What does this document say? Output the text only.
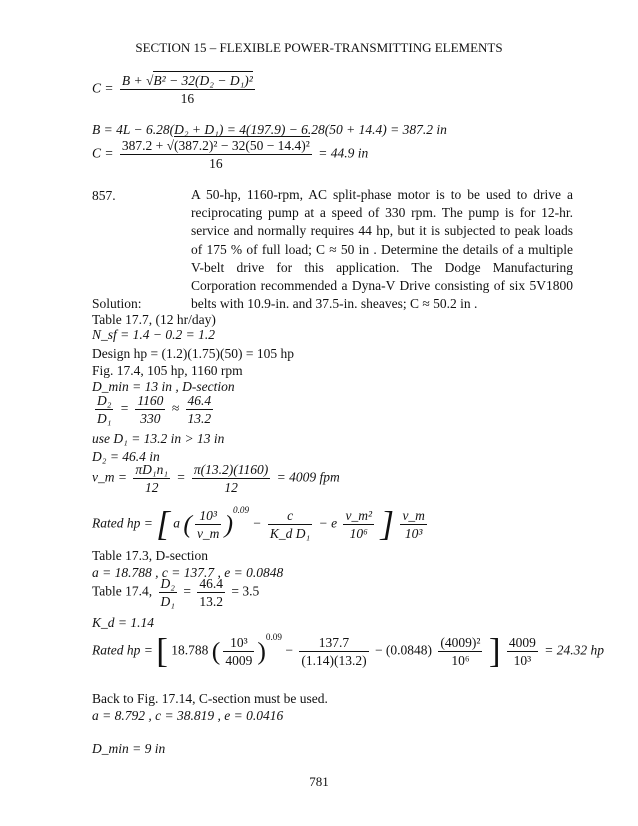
SECTION 15 – FLEXIBLE POWER-TRANSMITTING ELEMENTS
$C = \frac{\text{B + √B² − 32(D₂ − D₁)²}}{16}$
B = 4L − 6.28(D₂ + D₁) = 4(197.9) − 6.28(50 + 14.4) = 387.2 in
$C = \frac{\text{387.2 + √(387.2)² − 32(50 − 14.4)²}}{16} = 44.9$ in
857.	A 50-hp, 1160-rpm, AC split-phase motor is to be used to drive a reciprocating pump at a speed of 330 rpm. The pump is for 12-hr. service and normally requires 44 hp, but it is subjected to peak loads of 175 % of full load; C ≈ 50 in . Determine the details of a multiple V-belt drive for this application. The Dodge Manufacturing Corporation recommended a Dyna-V Drive consisting of six 5V1800 belts with 10.9-in. and 37.5-in. sheaves; C ≈ 50.2 in .
Solution:
Table 17.7, (12 hr/day)
N_sf = 1.4 − 0.2 = 1.2
Design hp = (1.2)(1.75)(50) = 105 hp
Fig. 17.4, 105 hp, 1160 rpm
D_min = 13 in , D-section
$\frac{\text{D₂}}{\text{D₁}} = \frac{1160}{330} \approx \frac{46.4}{13.2}$
use D₁ = 13.2 in > 13 in
D₂ = 46.4 in
v_m = $\frac{\text{πD₁n₁}}{12} = \frac{\pi(13.2)(1160)}{12} = 4009$ fpm
Rated hp = [ a ( $\frac{\text{10³}}{v\_m} )^{0.09} - \frac{c}{\text{K\_d D₁}} - e \frac{\text{v\_m²}}{\text{10⁶}}$ ] $\frac{v\_m}{\text{10³}}$
Table 17.3, D-section
a = 18.788 , c = 137.7 , e = 0.0848
Table 17.4, $\frac{\text{D₂}}{\text{D₁}} = \frac{46.4}{13.2} = 3.5$
K_d = 1.14
Rated hp = [ 18.788 ( $\frac{\text{10³}}{4009} )^{0.09} - \frac{137.7}{(1.14)(13.2)} - (0.0848) \frac{\text{(4009)²}}{\text{10⁶}}$ ] $\frac{4009}{\text{10³}} = 24.32$ hp
Back to Fig. 17.14, C-section must be used.
a = 8.792 , c = 38.819 , e = 0.0416
D_min = 9 in
781
